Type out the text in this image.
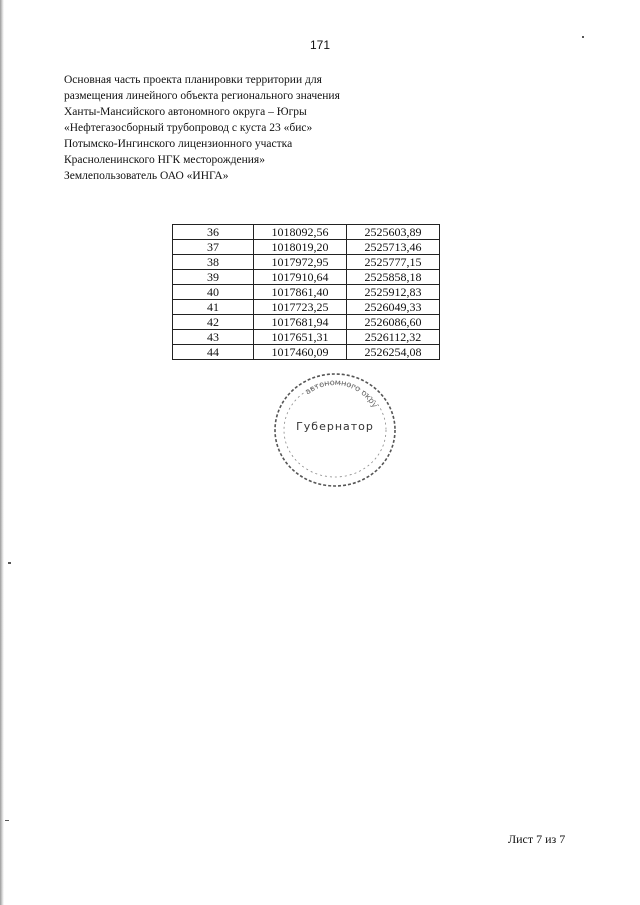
171
Основная часть проекта планировки территории для
размещения линейного объекта регионального значения
Ханты-Мансийского автономного округа – Югры
«Нефтегазосборный трубопровод с куста 23 «бис»
Потымско-Ингинского лицензионного участка
Красноленинского НГК месторождения»
Землепользователь ОАО «ИНГА»
36	1018092,56	2525603,89
37	1018019,20	2525713,46
38	1017972,95	2525777,15
39	1017910,64	2525858,18
40	1017861,40	2525912,83
41	1017723,25	2526049,33
42	1017681,94	2526086,60
43	1017651,31	2526112,32
44	1017460,09	2526254,08
автономного окру
Губернатор
Лист 7 из 7
